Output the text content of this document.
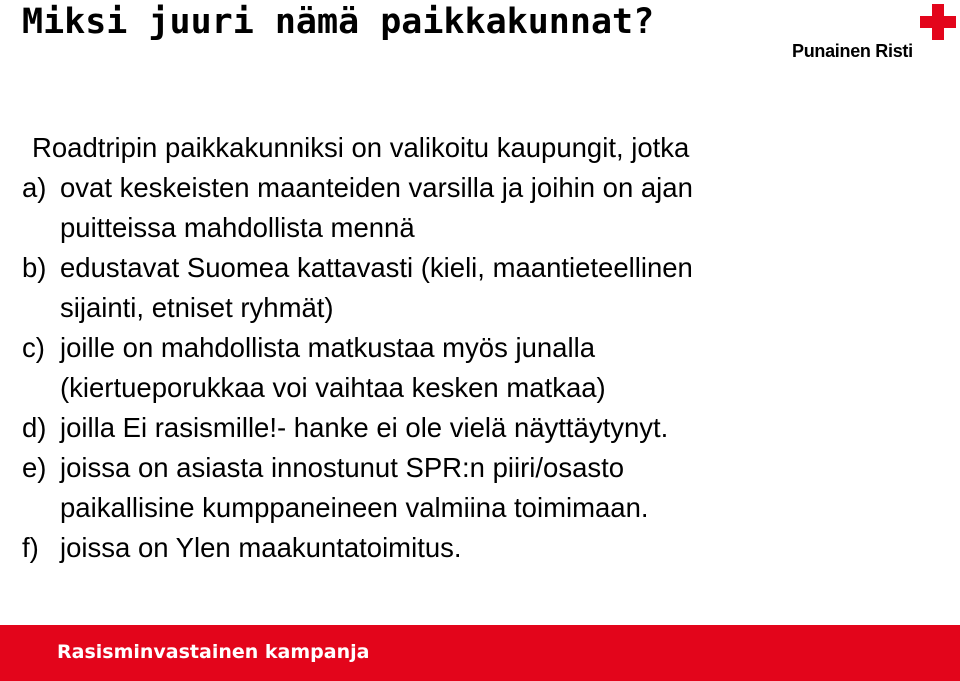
Miksi juuri nämä paikkakunnat?
Punainen Risti

Roadtripin paikkakunniksi on valikoitu kaupungit, jotka

a) ovat keskeisten maanteiden varsilla ja joihin on ajan
puitteissa mahdollista mennä
b) edustavat Suomea kattavasti (kieli, maantieteellinen
sijainti, etniset ryhmät)
c) joille on mahdollista matkustaa myös junalla
(kiertueporukkaa voi vaihtaa kesken matkaa)
d) joilla Ei rasismille!- hanke ei ole vielä näyttäytynyt.
e) joissa on asiasta innostunut SPR:n piiri/osasto
paikallisine kumppaneineen valmiina toimimaan.
f) joissa on Ylen maakuntatoimitus.
Rasisminvastainen kampanja
